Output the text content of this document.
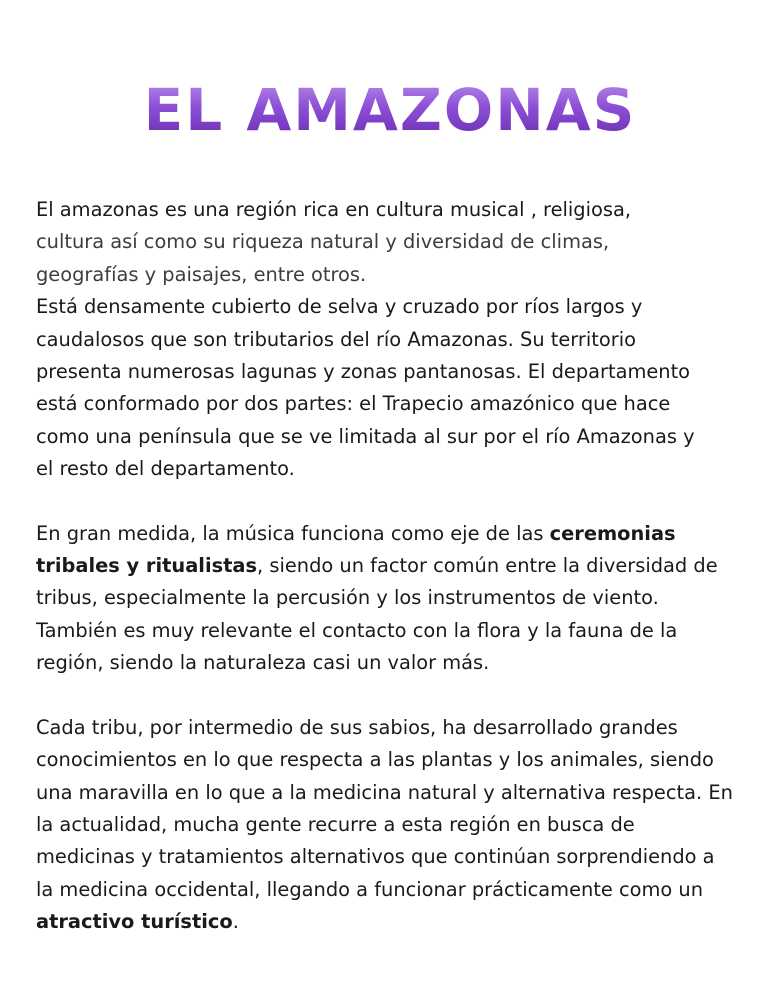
EL AMAZONAS
EL AMAZONAS

El amazonas es una región rica en cultura musical , religiosa,

cultura así como su riqueza natural y diversidad de climas,

geografías y paisajes, entre otros.

Está densamente cubierto de selva y cruzado por ríos largos y

caudalosos que son tributarios del río Amazonas. Su territorio

presenta numerosas lagunas y zonas pantanosas. El departamento

está conformado por dos partes: el Trapecio amazónico que hace

como una península que se ve limitada al sur por el río Amazonas y

el resto del departamento.

En gran medida, la música funciona como eje de las ceremonias tribales y ritualistas, siendo un factor común entre la diversidad de tribus, especialmente la percusión y los instrumentos de viento. También es muy relevante el contacto con la flora y la fauna de la región, siendo la naturaleza casi un valor más.

Cada tribu, por intermedio de sus sabios, ha desarrollado grandes conocimientos en lo que respecta a las plantas y los animales, siendo una maravilla en lo que a la medicina natural y alternativa respecta. En la actualidad, mucha gente recurre a esta región en busca de medicinas y tratamientos alternativos que continúan sorprendiendo a la medicina occidental, llegando a funcionar prácticamente como un atractivo turístico.
